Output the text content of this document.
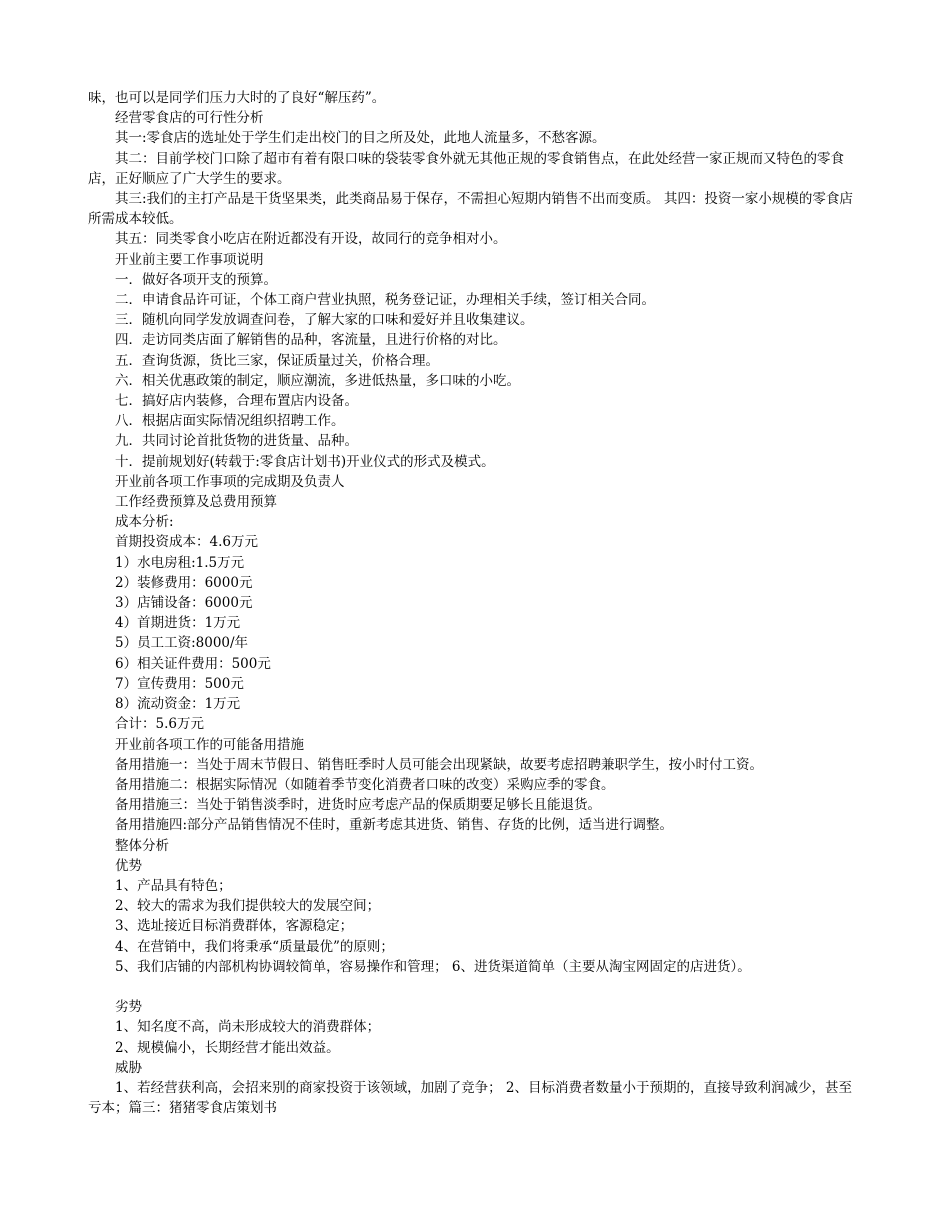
味，也可以是同学们压力大时的了良好“解压药”。

经营零食店的可行性分析

其一:零食店的选址处于学生们走出校门的目之所及处，此地人流量多，不愁客源。

其二：目前学校门口除了超市有着有限口味的袋装零食外就无其他正规的零食销售点，在此处经营一家正规而又特色的零食店，正好顺应了广大学生的要求。

其三:我们的主打产品是干货坚果类，此类商品易于保存，不需担心短期内销售不出而变质。 其四：投资一家小规模的零食店所需成本较低。

其五：同类零食小吃店在附近都没有开设，故同行的竞争相对小。

开业前主要工作事项说明

一．做好各项开支的预算。

二．申请食品许可证，个体工商户营业执照，税务登记证，办理相关手续，签订相关合同。

三．随机向同学发放调查问卷，了解大家的口味和爱好并且收集建议。

四．走访同类店面了解销售的品种，客流量，且进行价格的对比。

五．查询货源，货比三家，保证质量过关，价格合理。

六．相关优惠政策的制定，顺应潮流，多进低热量，多口味的小吃。

七．搞好店内装修，合理布置店内设备。

八．根据店面实际情况组织招聘工作。

九．共同讨论首批货物的进货量、品种。

十．提前规划好(转载于:零食店计划书)开业仪式的形式及模式。

开业前各项工作事项的完成期及负责人

工作经费预算及总费用预算

成本分析:

首期投资成本：4.6万元

1）水电房租:1.5万元

2）装修费用：6000元

3）店铺设备：6000元

4）首期进货：1万元

5）员工工资:8000/年

6）相关证件费用：500元

7）宣传费用：500元

8）流动资金：1万元

合计：5.6万元

开业前各项工作的可能备用措施

备用措施一：当处于周末节假日、销售旺季时人员可能会出现紧缺，故要考虑招聘兼职学生，按小时付工资。

备用措施二：根据实际情况（如随着季节变化消费者口味的改变）采购应季的零食。

备用措施三：当处于销售淡季时，进货时应考虑产品的保质期要足够长且能退货。

备用措施四:部分产品销售情况不佳时，重新考虑其进货、销售、存货的比例，适当进行调整。

整体分析

优势

1、产品具有特色；

2、较大的需求为我们提供较大的发展空间；

3、选址接近目标消费群体，客源稳定；

4、在营销中，我们将秉承“质量最优”的原则；

5、我们店铺的内部机构协调较简单，容易操作和管理； 6、进货渠道简单（主要从淘宝网固定的店进货）。

劣势

1、知名度不高，尚未形成较大的消费群体；

2、规模偏小，长期经营才能出效益。

威胁

1、若经营获利高，会招来别的商家投资于该领域，加剧了竞争； 2、目标消费者数量小于预期的，直接导致利润减少，甚至亏本；篇三：猪猪零食店策划书
